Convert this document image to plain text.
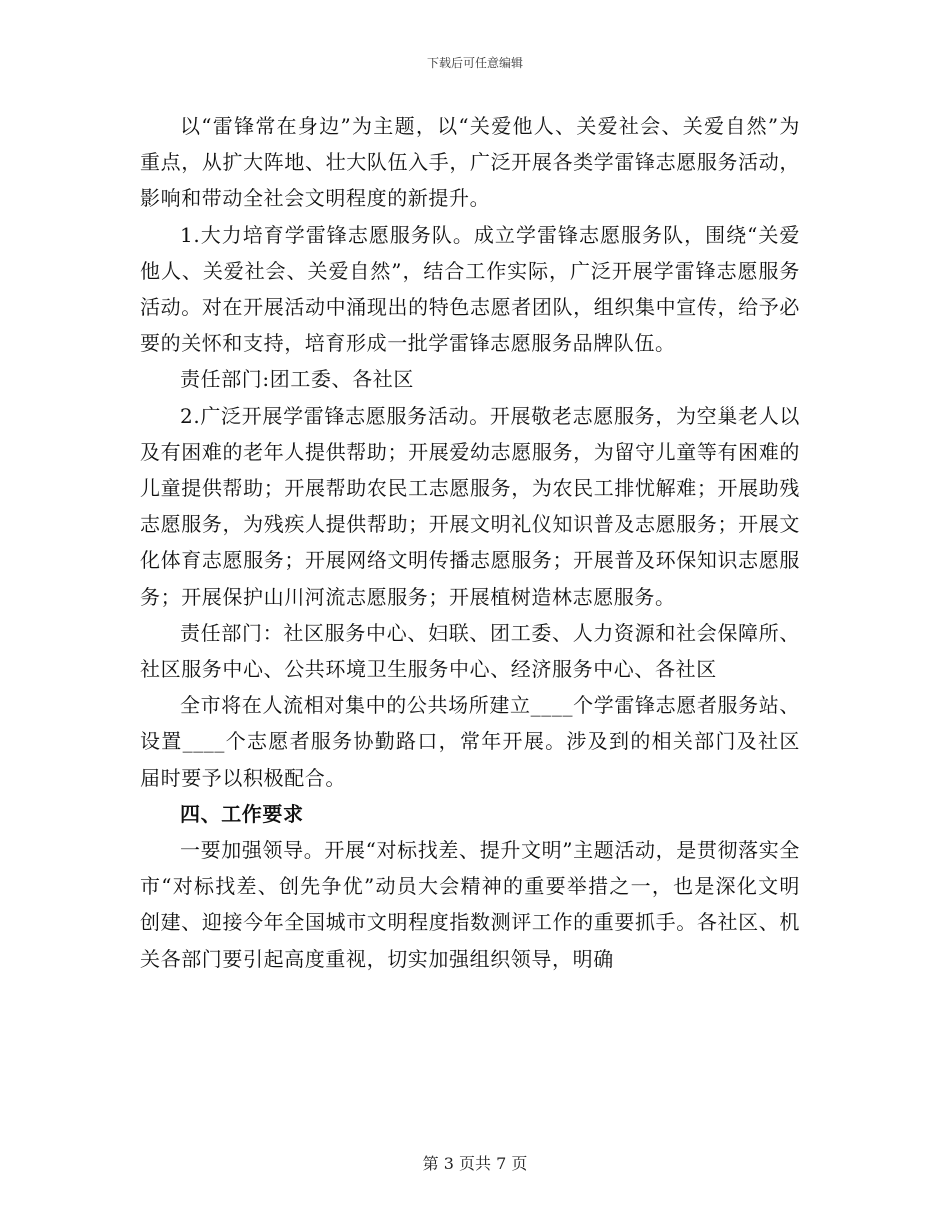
下载后可任意编辑

以“雷锋常在身边”为主题，以“关爱他人、关爱社会、关爱自然”为重点，从扩大阵地、壮大队伍入手，广泛开展各类学雷锋志愿服务活动，影响和带动全社会文明程度的新提升。

1.大力培育学雷锋志愿服务队。成立学雷锋志愿服务队，围绕“关爱他人、关爱社会、关爱自然”，结合工作实际，广泛开展学雷锋志愿服务活动。对在开展活动中涌现出的特色志愿者团队，组织集中宣传，给予必要的关怀和支持，培育形成一批学雷锋志愿服务品牌队伍。

责任部门:团工委、各社区

2.广泛开展学雷锋志愿服务活动。开展敬老志愿服务，为空巢老人以及有困难的老年人提供帮助；开展爱幼志愿服务，为留守儿童等有困难的儿童提供帮助；开展帮助农民工志愿服务，为农民工排忧解难；开展助残志愿服务，为残疾人提供帮助；开展文明礼仪知识普及志愿服务；开展文化体育志愿服务；开展网络文明传播志愿服务；开展普及环保知识志愿服务；开展保护山川河流志愿服务；开展植树造林志愿服务。

责任部门：社区服务中心、妇联、团工委、人力资源和社会保障所、社区服务中心、公共环境卫生服务中心、经济服务中心、各社区

全市将在人流相对集中的公共场所建立____个学雷锋志愿者服务站、设置____个志愿者服务协勤路口，常年开展。涉及到的相关部门及社区届时要予以积极配合。

四、工作要求

一要加强领导。开展“对标找差、提升文明”主题活动，是贯彻落实全市“对标找差、创先争优”动员大会精神的重要举措之一，也是深化文明创建、迎接今年全国城市文明程度指数测评工作的重要抓手。各社区、机关各部门要引起高度重视，切实加强组织领导，明确

第 3 页共 7 页
